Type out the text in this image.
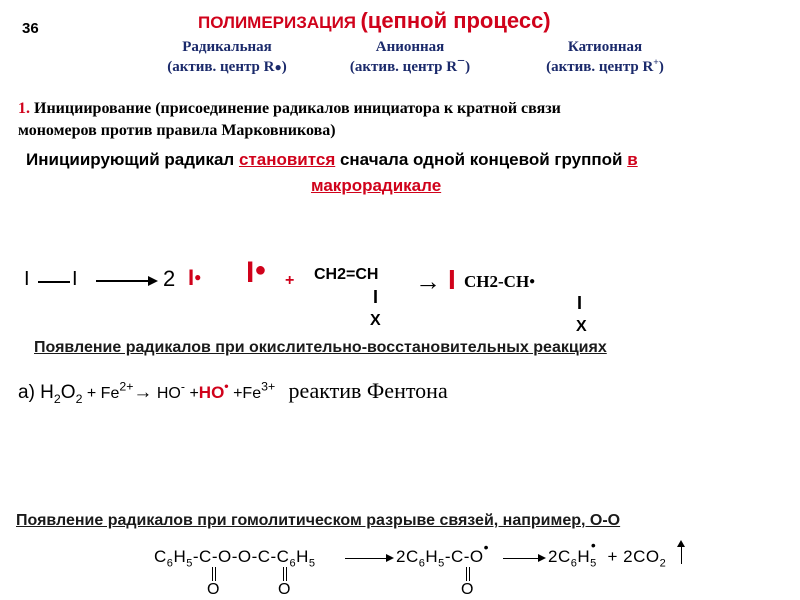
36	ПОЛИМЕРИЗАЦИЯ (цепной процесс)
Радикальная
(актив. центр R●)
Анионная
(актив. центр R−)
Катионная
(актив. центр R+)
1. Инициирование (присоединение радикалов инициатора к кратной связи
мономеров против правила Марковникова)
Инициирующий радикал становится сначала одной концевой группой в
макрорадикале
I I	2 I● I● + CH2=CH
I
X
→ I CH2-CH●
I
X
Появление радикалов при окислительно-восстановительных реакциях
а) $H_2O_2 + Fe^{2+}\to HO^- +HO^• +Fe^{3+}$ реактив Фентона
Появление радикалов при гомолитическом разрыве связей, например, О-О
$C_6H_5-C-O-O-C-C_6H_5$
O	O
$2C_6H_5-C-O^•$
O
$2C_6H_5^• + 2CO_2$
